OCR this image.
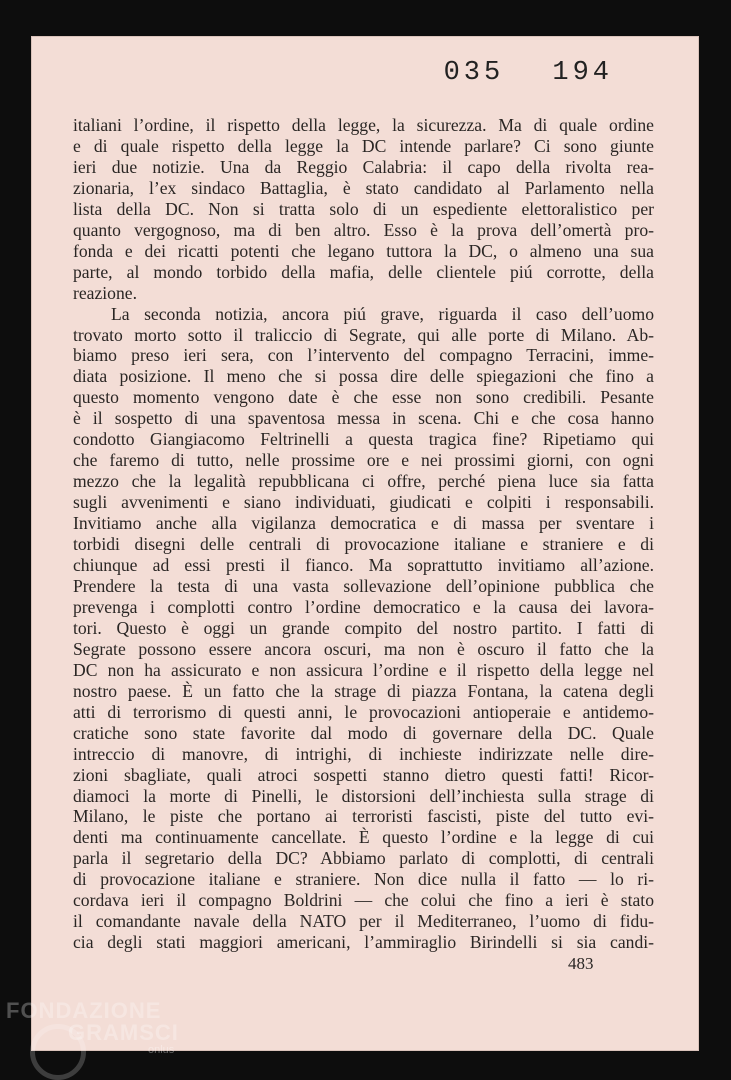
035 194
italiani l’ordine, il rispetto della legge, la sicurezza. Ma di quale ordine
e di quale rispetto della legge la DC intende parlare? Ci sono giunte
ieri due notizie. Una da Reggio Calabria: il capo della rivolta rea-
zionaria, l’ex sindaco Battaglia, è stato candidato al Parlamento nella
lista della DC. Non si tratta solo di un espediente elettoralistico per
quanto vergognoso, ma di ben altro. Esso è la prova dell’omertà pro-
fonda e dei ricatti potenti che legano tuttora la DC, o almeno una sua
parte, al mondo torbido della mafia, delle clientele piú corrotte, della
reazione.
La seconda notizia, ancora piú grave, riguarda il caso dell’uomo
trovato morto sotto il traliccio di Segrate, qui alle porte di Milano. Ab-
biamo preso ieri sera, con l’intervento del compagno Terracini, imme-
diata posizione. Il meno che si possa dire delle spiegazioni che fino a
questo momento vengono date è che esse non sono credibili. Pesante
è il sospetto di una spaventosa messa in scena. Chi e che cosa hanno
condotto Giangiacomo Feltrinelli a questa tragica fine? Ripetiamo qui
che faremo di tutto, nelle prossime ore e nei prossimi giorni, con ogni
mezzo che la legalità repubblicana ci offre, perché piena luce sia fatta
sugli avvenimenti e siano individuati, giudicati e colpiti i responsabili.
Invitiamo anche alla vigilanza democratica e di massa per sventare i
torbidi disegni delle centrali di provocazione italiane e straniere e di
chiunque ad essi presti il fianco. Ma soprattutto invitiamo all’azione.
Prendere la testa di una vasta sollevazione dell’opinione pubblica che
prevenga i complotti contro l’ordine democratico e la causa dei lavora-
tori. Questo è oggi un grande compito del nostro partito. I fatti di
Segrate possono essere ancora oscuri, ma non è oscuro il fatto che la
DC non ha assicurato e non assicura l’ordine e il rispetto della legge nel
nostro paese. È un fatto che la strage di piazza Fontana, la catena degli
atti di terrorismo di questi anni, le provocazioni antioperaie e antidemo-
cratiche sono state favorite dal modo di governare della DC. Quale
intreccio di manovre, di intrighi, di inchieste indirizzate nelle dire-
zioni sbagliate, quali atroci sospetti stanno dietro questi fatti! Ricor-
diamoci la morte di Pinelli, le distorsioni dell’inchiesta sulla strage di
Milano, le piste che portano ai terroristi fascisti, piste del tutto evi-
denti ma continuamente cancellate. È questo l’ordine e la legge di cui
parla il segretario della DC? Abbiamo parlato di complotti, di centrali
di provocazione italiane e straniere. Non dice nulla il fatto — lo ri-
cordava ieri il compagno Boldrini — che colui che fino a ieri è stato
il comandante navale della NATO per il Mediterraneo, l’uomo di fidu-
cia degli stati maggiori americani, l’ammiraglio Birindelli si sia candi-
483
FONDAZIONE
GRAMSCI
onlus
